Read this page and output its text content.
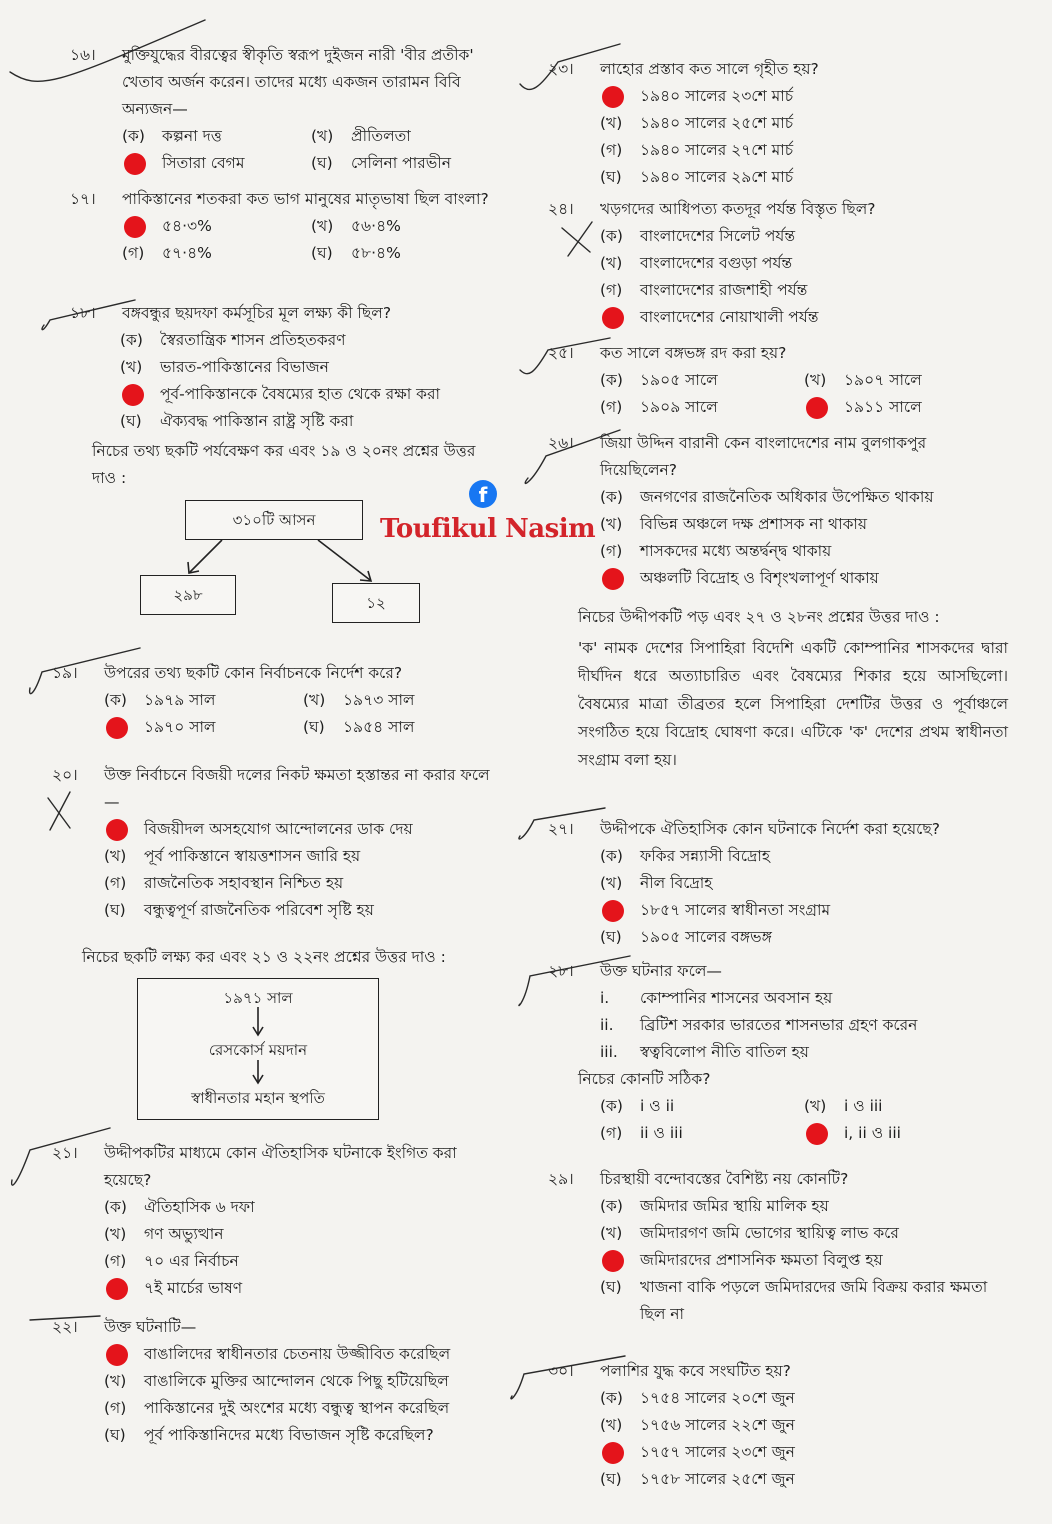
১৬।	মুক্তিযুদ্ধের বীরত্বের স্বীকৃতি স্বরূপ দুইজন নারী 'বীর প্রতীক' খেতাব অর্জন করেন। তাদের মধ্যে একজন তারামন বিবি অন্যজন—
(ক)	কল্পনা দত্ত	(খ)	প্রীতিলতা
সিতারা বেগম	(ঘ)	সেলিনা পারভীন
১৭।	পাকিস্তানের শতকরা কত ভাগ মানুষের মাতৃভাষা ছিল বাংলা?
৫৪·৩%	(খ)	৫৬·৪%
(গ)	৫৭·৪%	(ঘ)	৫৮·৪%
১৮।	বঙ্গবন্ধুর ছয়দফা কর্মসূচির মূল লক্ষ্য কী ছিল?
(ক)	স্বৈরতান্ত্রিক শাসন প্রতিহতকরণ
(খ)	ভারত-পাকিস্তানের বিভাজন
পূর্ব-পাকিস্তানকে বৈষম্যের হাত থেকে রক্ষা করা
(ঘ)	ঐক্যবদ্ধ পাকিস্তান রাষ্ট্র সৃষ্টি করা
নিচের তথ্য ছকটি পর্যবেক্ষণ কর এবং ১৯ ও ২০নং প্রশ্নের উত্তর দাও :
৩১০টি আসন
২৯৮	১২
f
Toufikul Nasim
১৯।	উপরের তথ্য ছকটি কোন নির্বাচনকে নির্দেশ করে?
(ক)	১৯৭৯ সাল	(খ)	১৯৭৩ সাল
১৯৭০ সাল	(ঘ)	১৯৫৪ সাল
২০।	উক্ত নির্বাচনে বিজয়ী দলের নিকট ক্ষমতা হস্তান্তর না করার ফলে—
বিজয়ীদল অসহযোগ আন্দোলনের ডাক দেয়
(খ)	পূর্ব পাকিস্তানে স্বায়ত্তশাসন জারি হয়
(গ)	রাজনৈতিক সহাবস্থান নিশ্চিত হয়
(ঘ)	বন্ধুত্বপূর্ণ রাজনৈতিক পরিবেশ সৃষ্টি হয়
নিচের ছকটি লক্ষ্য কর এবং ২১ ও ২২নং প্রশ্নের উত্তর দাও :
১৯৭১ সাল
রেসকোর্স ময়দান
স্বাধীনতার মহান স্থপতি
২১।	উদ্দীপকটির মাধ্যমে কোন ঐতিহাসিক ঘটনাকে ইংগিত করা হয়েছে?
(ক)	ঐতিহাসিক ৬ দফা
(খ)	গণ অভ্যুত্থান
(গ)	৭০ এর নির্বাচন
৭ই মার্চের ভাষণ
২২।	উক্ত ঘটনাটি—
বাঙালিদের স্বাধীনতার চেতনায় উজ্জীবিত করেছিল
(খ)	বাঙালিকে মুক্তির আন্দোলন থেকে পিছু হটিয়েছিল
(গ)	পাকিস্তানের দুই অংশের মধ্যে বন্ধুত্ব স্থাপন করেছিল
(ঘ)	পূর্ব পাকিস্তানিদের মধ্যে বিভাজন সৃষ্টি করেছিল?
২৩।	লাহোর প্রস্তাব কত সালে গৃহীত হয়?
১৯৪০ সালের ২৩শে মার্চ
(খ)	১৯৪০ সালের ২৫শে মার্চ
(গ)	১৯৪০ সালের ২৭শে মার্চ
(ঘ)	১৯৪০ সালের ২৯শে মার্চ
২৪।	খড়গদের আধিপত্য কতদূর পর্যন্ত বিস্তৃত ছিল?
(ক)	বাংলাদেশের সিলেট পর্যন্ত
(খ)	বাংলাদেশের বগুড়া পর্যন্ত
(গ)	বাংলাদেশের রাজশাহী পর্যন্ত
বাংলাদেশের নোয়াখালী পর্যন্ত
২৫।	কত সালে বঙ্গভঙ্গ রদ করা হয়?
(ক)	১৯০৫ সালে	(খ)	১৯০৭ সালে
(গ)	১৯০৯ সালে	১৯১১ সালে
২৬।	জিয়া উদ্দিন বারানী কেন বাংলাদেশের নাম বুলগাকপুর দিয়েছিলেন?
(ক)	জনগণের রাজনৈতিক অধিকার উপেক্ষিত থাকায়
(খ)	বিভিন্ন অঞ্চলে দক্ষ প্রশাসক না থাকায়
(গ)	শাসকদের মধ্যে অন্তর্দ্বন্দ্ব থাকায়
অঞ্চলটি বিদ্রোহ ও বিশৃংখলাপূর্ণ থাকায়
নিচের উদ্দীপকটি পড় এবং ২৭ ও ২৮নং প্রশ্নের উত্তর দাও :
'ক' নামক দেশের সিপাহিরা বিদেশি একটি কোম্পানির শাসকদের দ্বারা দীর্ঘদিন ধরে অত্যাচারিত এবং বৈষম্যের শিকার হয়ে আসছিলো। বৈষম্যের মাত্রা তীব্রতর হলে সিপাহিরা দেশটির উত্তর ও পূর্বাঞ্চলে সংগঠিত হয়ে বিদ্রোহ ঘোষণা করে। এটিকে 'ক' দেশের প্রথম স্বাধীনতা সংগ্রাম বলা হয়।
২৭।	উদ্দীপকে ঐতিহাসিক কোন ঘটনাকে নির্দেশ করা হয়েছে?
(ক)	ফকির সন্ন্যাসী বিদ্রোহ
(খ)	নীল বিদ্রোহ
১৮৫৭ সালের স্বাধীনতা সংগ্রাম
(ঘ)	১৯০৫ সালের বঙ্গভঙ্গ
২৮।	উক্ত ঘটনার ফলে—
i.	কোম্পানির শাসনের অবসান হয়
ii.	ব্রিটিশ সরকার ভারতের শাসনভার গ্রহণ করেন
iii.	স্বত্ববিলোপ নীতি বাতিল হয়
নিচের কোনটি সঠিক?
(ক)	i ও ii	(খ)	i ও iii
(গ)	ii ও iii	i, ii ও iii
২৯।	চিরস্থায়ী বন্দোবস্তের বৈশিষ্ট্য নয় কোনটি?
(ক)	জমিদার জমির স্থায়ি মালিক হয়
(খ)	জমিদারগণ জমি ভোগের স্থায়িত্ব লাভ করে
জমিদারদের প্রশাসনিক ক্ষমতা বিলুপ্ত হয়
(ঘ)	খাজনা বাকি পড়লে জমিদারদের জমি বিক্রয় করার ক্ষমতা ছিল না
৩০।	পলাশির যুদ্ধ কবে সংঘটিত হয়?
(ক)	১৭৫৪ সালের ২০শে জুন
(খ)	১৭৫৬ সালের ২২শে জুন
১৭৫৭ সালের ২৩শে জুন
(ঘ)	১৭৫৮ সালের ২৫শে জুন
